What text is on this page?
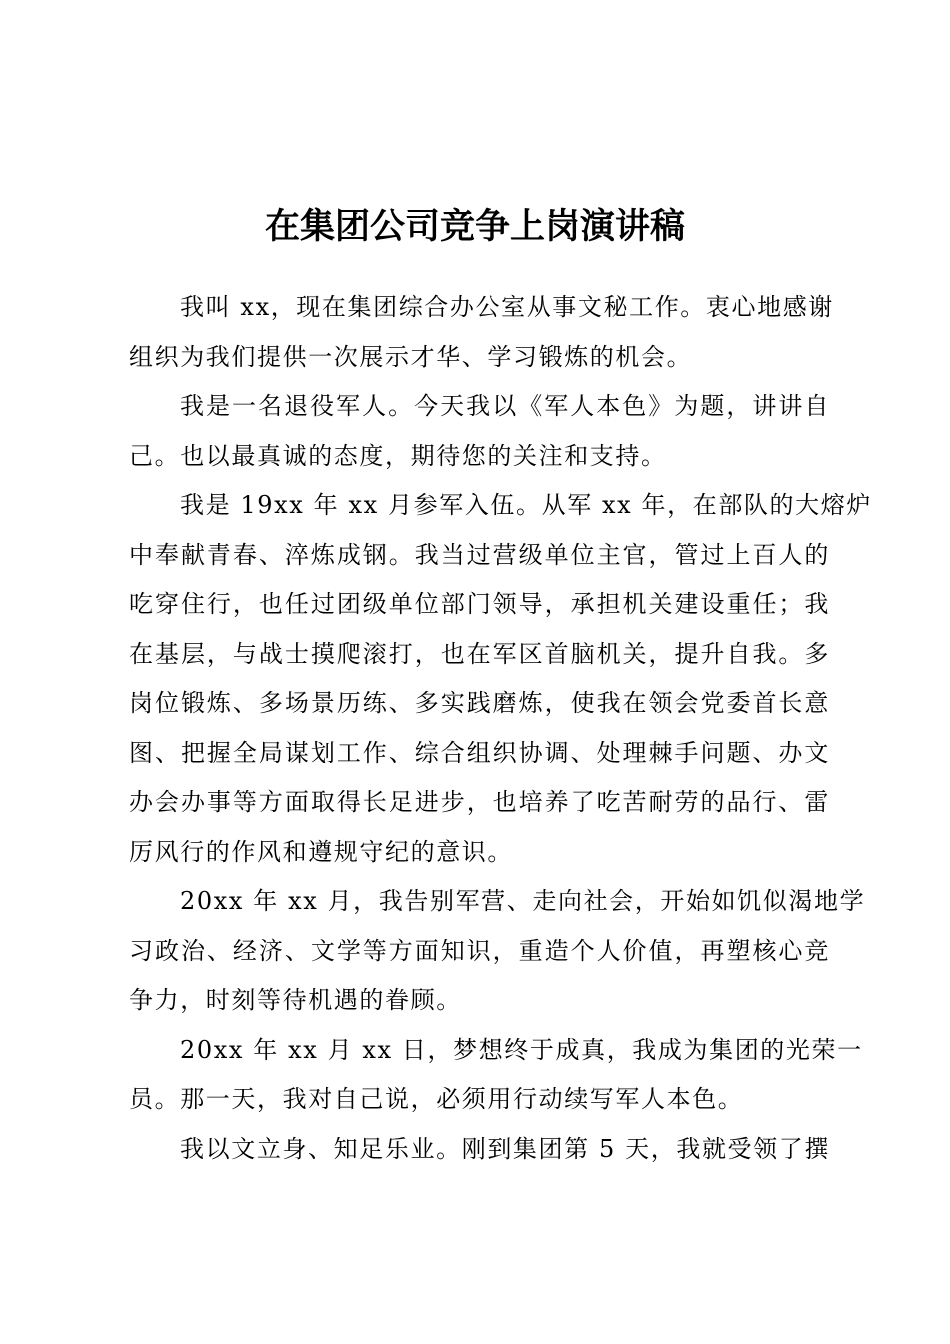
在集团公司竞争上岗演讲稿
我叫 xx，现在集团综合办公室从事文秘工作。衷心地感谢
组织为我们提供一次展示才华、学习锻炼的机会。
我是一名退役军人。今天我以《军人本色》为题，讲讲自
己。也以最真诚的态度，期待您的关注和支持。
我是 19xx 年 xx 月参军入伍。从军 xx 年，在部队的大熔炉
中奉献青春、淬炼成钢。我当过营级单位主官，管过上百人的
吃穿住行，也任过团级单位部门领导，承担机关建设重任；我
在基层，与战士摸爬滚打，也在军区首脑机关，提升自我。多
岗位锻炼、多场景历练、多实践磨炼，使我在领会党委首长意
图、把握全局谋划工作、综合组织协调、处理棘手问题、办文
办会办事等方面取得长足进步，也培养了吃苦耐劳的品行、雷
厉风行的作风和遵规守纪的意识。
20xx 年 xx 月，我告别军营、走向社会，开始如饥似渴地学
习政治、经济、文学等方面知识，重造个人价值，再塑核心竞
争力，时刻等待机遇的眷顾。
20xx 年 xx 月 xx 日，梦想终于成真，我成为集团的光荣一
员。那一天，我对自己说，必须用行动续写军人本色。
我以文立身、知足乐业。刚到集团第 5 天，我就受领了撰
